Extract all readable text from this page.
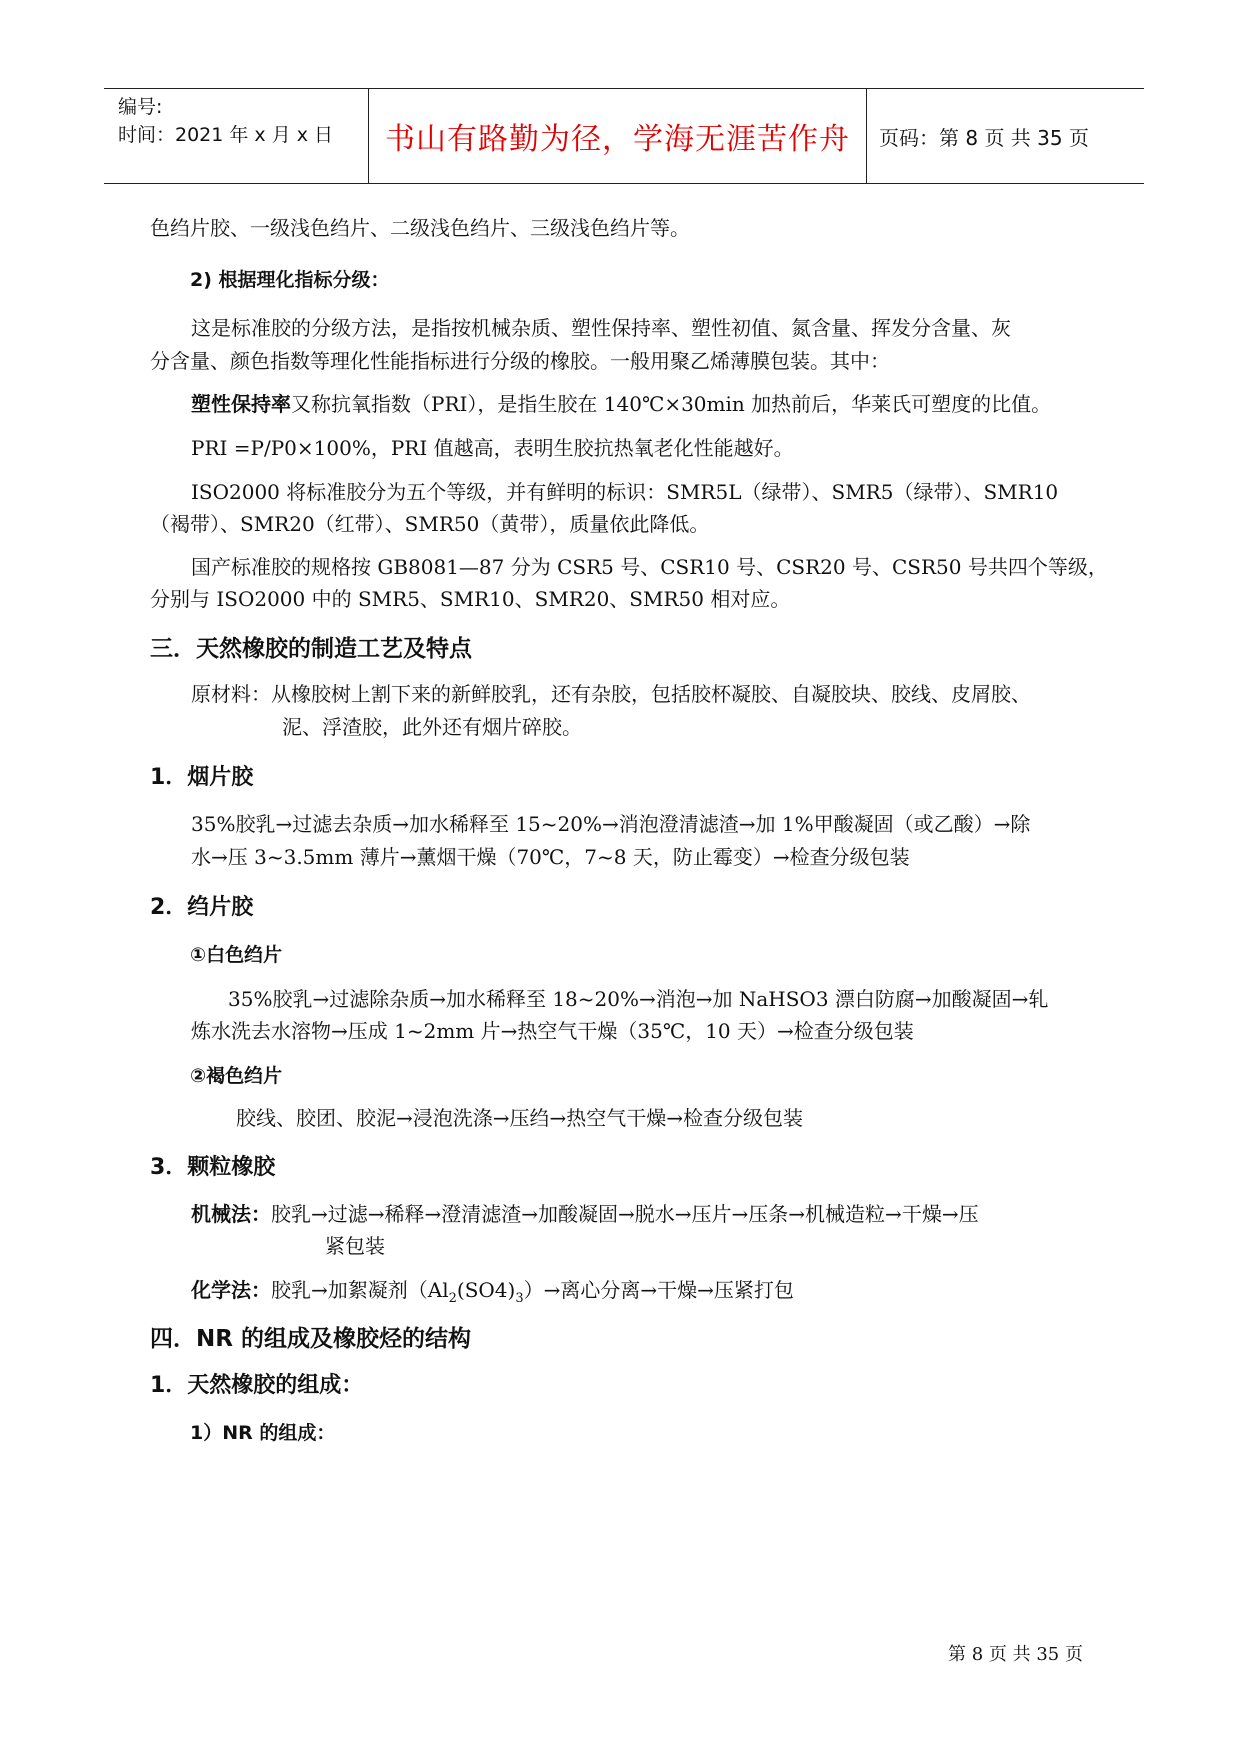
编号:
时间：2021 年 x 月 x 日	书山有路勤为径，学海无涯苦作舟 页码：第 8 页 共 35 页
色绉片胶、一级浅色绉片、二级浅色绉片、三级浅色绉片等。
2) 根据理化指标分级：
这是标准胶的分级方法，是指按机械杂质、塑性保持率、塑性初值、氮含量、挥发分含量、灰
分含量、颜色指数等理化性能指标进行分级的橡胶。一般用聚乙烯薄膜包装。其中：
塑性保持率又称抗氧指数（PRI），是指生胶在 140℃×30min 加热前后，华莱氏可塑度的比值。
PRI =P/P0×100%，PRI 值越高，表明生胶抗热氧老化性能越好。
ISO2000 将标准胶分为五个等级，并有鲜明的标识：SMR5L（绿带）、SMR5（绿带）、SMR10
（褐带）、SMR20（红带）、SMR50（黄带），质量依此降低。
国产标准胶的规格按 GB8081—87 分为 CSR5 号、CSR10 号、CSR20 号、CSR50 号共四个等级，
分别与 ISO2000 中的 SMR5、SMR10、SMR20、SMR50 相对应。
三．天然橡胶的制造工艺及特点
原材料：从橡胶树上割下来的新鲜胶乳，还有杂胶，包括胶杯凝胶、自凝胶块、胶线、皮屑胶、
泥、浮渣胶，此外还有烟片碎胶。
1．烟片胶
35%胶乳→过滤去杂质→加水稀释至 15~20%→消泡澄清滤渣→加 1%甲酸凝固（或乙酸）→除
水→压 3~3.5mm 薄片→薰烟干燥（70℃，7~8 天，防止霉变）→检查分级包装
2．绉片胶
①白色绉片
35%胶乳→过滤除杂质→加水稀释至 18~20%→消泡→加 NaHSO3 漂白防腐→加酸凝固→轧
炼水洗去水溶物→压成 1~2mm 片→热空气干燥（35℃，10 天）→检查分级包装
②褐色绉片
胶线、胶团、胶泥→浸泡洗涤→压绉→热空气干燥→检查分级包装
3．颗粒橡胶
机械法：胶乳→过滤→稀释→澄清滤渣→加酸凝固→脱水→压片→压条→机械造粒→干燥→压
紧包装
化学法：胶乳→加絮凝剂$(Al_2(SO4)_3)\to$离心分离→干燥→压紧打包
四．NR 的组成及橡胶烃的结构
1．天然橡胶的组成：
1）NR 的组成：
第 8 页 共 35 页
